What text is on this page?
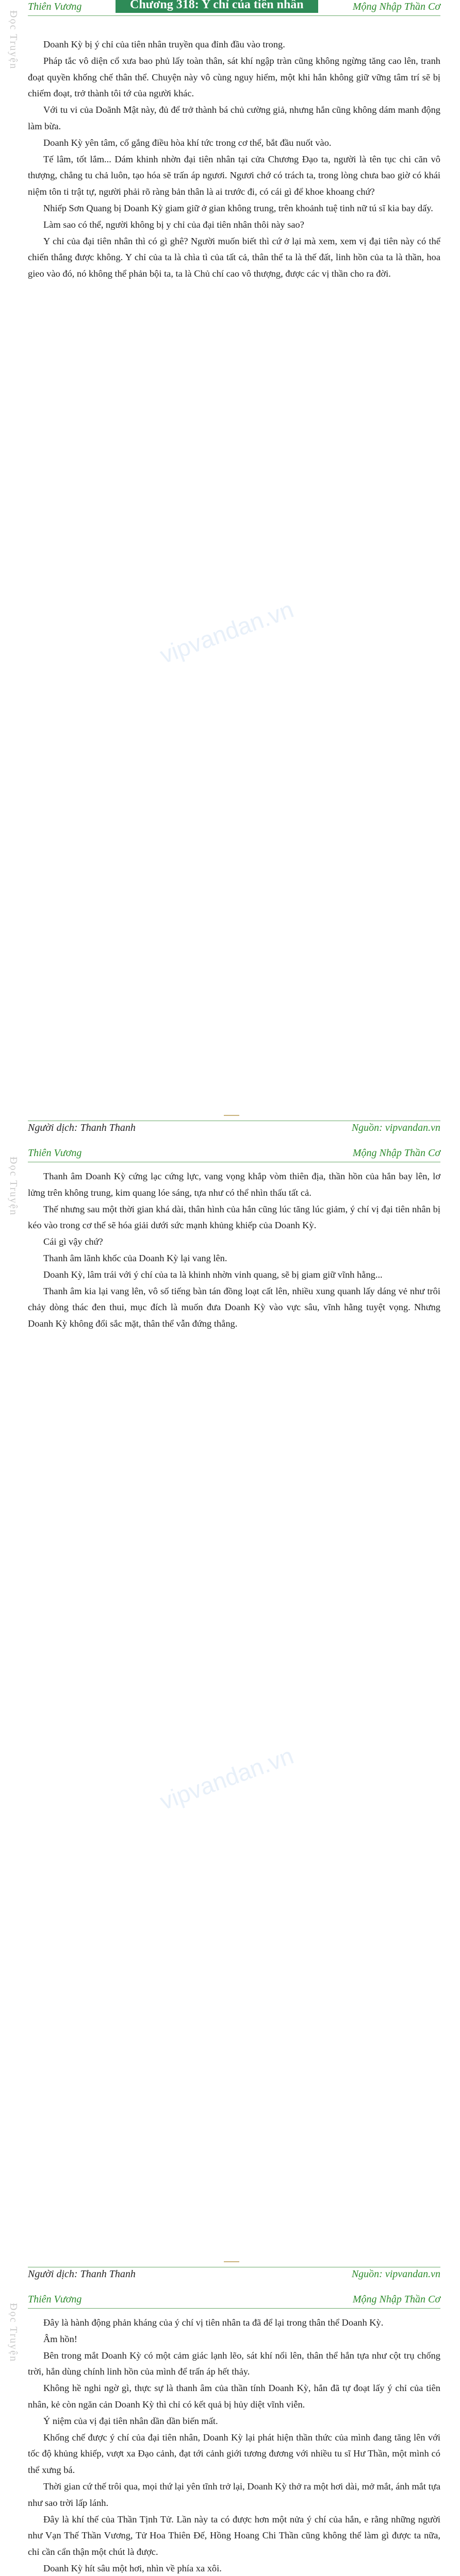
Đọc Truyện
Đọc Truyện
Đọc Truyện
Thiên Vương	Chương 318: Y chỉ của tiên nhân	Mộng Nhập Thần Cơ

Doanh Kỳ bị ý chỉ của tiên nhân truyền qua đỉnh đầu vào trong.

Pháp tắc vô diện cổ xưa bao phủ lấy toàn thân, sát khí ngập tràn cũng không ngừng tăng cao lên, tranh đoạt quyền khống chế thân thể. Chuyện này vô cùng nguy hiểm, một khi hắn không giữ vững tâm trí sẽ bị chiếm đoạt, trở thành tôi tớ của người khác.

Với tu vi của Doãnh Mật này, đủ để trở thành bá chủ cường giả, nhưng hắn cũng không dám manh động làm bừa.

Doanh Kỳ yên tâm, cố gắng điều hòa khí tức trong cơ thể, bắt đầu nuốt vào.

Tế lâm, tốt lắm... Dám khinh nhờn đại tiên nhân tại cửa Chương Đạo ta, người là tên tục chi căn vô thượng, chẳng tu chả luôn, tạo hóa sẽ trấn áp ngươi. Ngươi chớ có trách ta, trong lòng chưa bao giờ có khái niệm tôn ti trật tự, người phải rõ ràng bản thân là ai trước đi, có cái gì để khoe khoang chứ?

Nhiếp Sơn Quang bị Doanh Kỳ giam giữ ở gian không trung, trên khoảnh tuệ tinh nữ tú sĩ kia bay dấy.

Làm sao có thể, người không bị y chỉ của đại tiên nhân thôi này sao?

Y chỉ của đại tiên nhân thì có gì ghê? Người muốn biết thì cứ ở lại mà xem, xem vị đại tiên này có thể chiến thắng được không. Y chỉ của ta là chìa tì của tất cả, thân thể ta là thế đất, linh hồn của ta là thần, hoa gieo vào đó, nó không thể phản bội ta, ta là Chủ chí cao vô thượng, được các vị thần cho ra đời.

vipvandan.vn
Người dịch: Thanh Thanh	Nguồn: vipvandan.vn
Thiên Vương	Mộng Nhập Thần Cơ

Thanh âm Doanh Kỳ cứng lạc cứng lực, vang vọng khắp vòm thiên địa, thần hồn của hắn bay lên, lơ lửng trên không trung, kim quang lóe sáng, tựa như có thể nhìn thấu tất cả.

Thế nhưng sau một thời gian khá dài, thân hình của hắn cũng lúc tăng lúc giảm, ý chí vị đại tiên nhân bị kéo vào trong cơ thể sẽ hóa giải dưới sức mạnh khủng khiếp của Doanh Kỳ.

Cái gì vậy chứ?

Thanh âm lãnh khốc của Doanh Kỳ lại vang lên.

Doanh Kỳ, lâm trái với ý chí của ta là khinh nhờn vinh quang, sẽ bị giam giữ vĩnh hằng...

Thanh âm kia lại vang lên, vô số tiếng bàn tán đồng loạt cất lên, nhiều xung quanh lấy dáng vẻ như trôi chảy dòng thác đen thui, mục đích là muốn đưa Doanh Kỳ vào vực sâu, vĩnh hằng tuyệt vọng. Nhưng Doanh Kỳ không đổi sắc mặt, thân thể vẫn đứng thẳng.

vipvandan.vn
Người dịch: Thanh Thanh	Nguồn: vipvandan.vn
Thiên Vương	Mộng Nhập Thần Cơ

Đây là hành động phản kháng của ý chí vị tiên nhân ta đã để lại trong thân thể Doanh Kỳ.

Âm hồn!

Bên trong mắt Doanh Kỳ có một cảm giác lạnh lẽo, sát khí nổi lên, thân thể hắn tựa như cột trụ chống trời, hắn dùng chính linh hồn của mình để trấn áp hết thảy.

Không hề nghi ngờ gì, thực sự là thanh âm của thần tính Doanh Kỳ, hắn đã tự đoạt lấy ý chỉ của tiên nhân, kẻ còn ngăn cản Doanh Kỳ thì chỉ có kết quả bị hủy diệt vĩnh viễn.

Ý niệm của vị đại tiên nhân dần dần biến mất.

Khống chế được ý chí của đại tiên nhân, Doanh Kỳ lại phát hiện thần thức của mình đang tăng lên với tốc độ khủng khiếp, vượt xa Đạo cảnh, đạt tới cảnh giới tương đương với nhiều tu sĩ Hư Thần, một mình có thể xưng bá.

Thời gian cứ thế trôi qua, mọi thứ lại yên tĩnh trở lại, Doanh Kỳ thở ra một hơi dài, mở mắt, ánh mắt tựa như sao trời lấp lánh.

Đây là khí thế của Thần Tịnh Tử. Lần này ta có được hơn một nửa ý chí của hắn, e rằng những người như Vạn Thế Thần Vương, Tử Hoa Thiên Đế, Hồng Hoang Chi Thần cũng không thể làm gì được ta nữa, chỉ cần cẩn thận một chút là được.

Doanh Kỳ hít sâu một hơi, nhìn về phía xa xôi.
